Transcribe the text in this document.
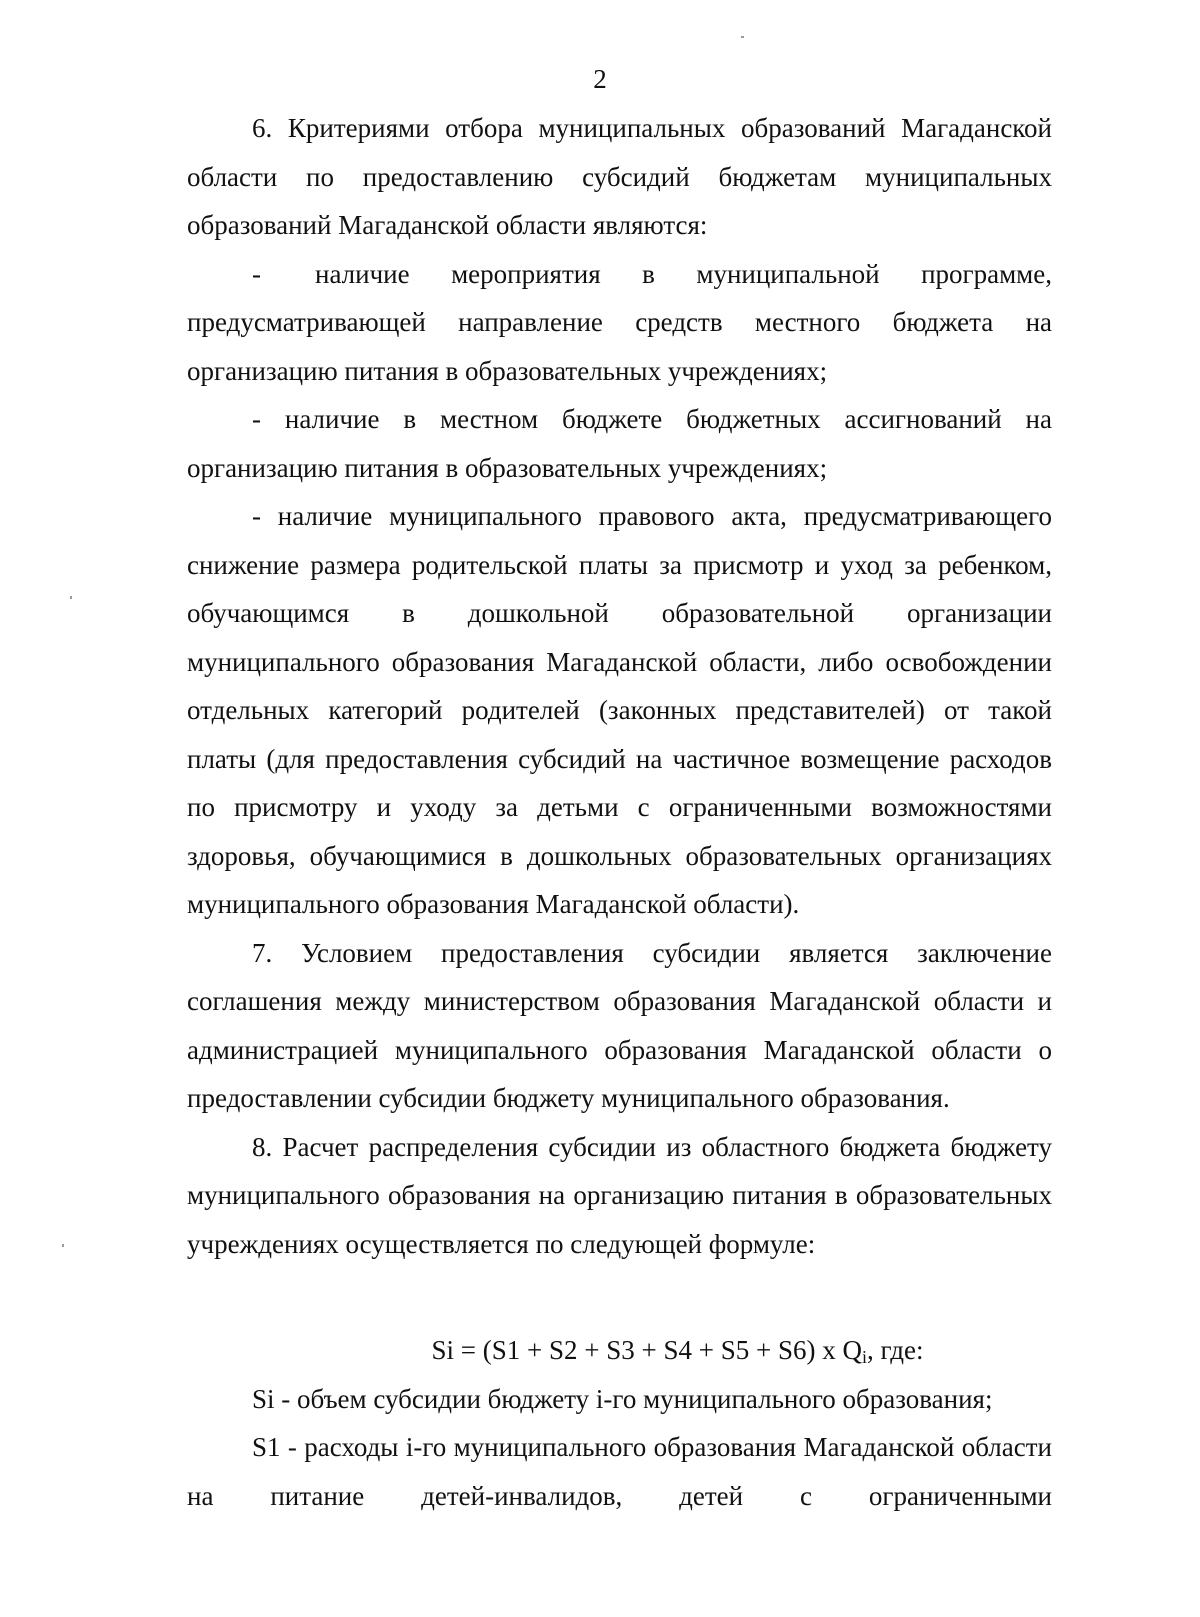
2

6. Критериями отбора муниципальных образований Магаданской области по предоставлению субсидий бюджетам муниципальных образований Магаданской области являются:

-  наличие мероприятия в муниципальной программе, предусматривающей направление средств местного бюджета на организацию питания в образовательных учреждениях;

- наличие в местном бюджете бюджетных ассигнований на организацию питания в образовательных учреждениях;

- наличие муниципального правового акта, предусматривающего снижение размера родительской платы за присмотр и уход за ребенком, обучающимся в дошкольной образовательной организации муниципального образования Магаданской области, либо освобождении отдельных категорий родителей (законных представителей) от такой платы (для предоставления субсидий на частичное возмещение расходов по присмотру и уходу за детьми с ограниченными возможностями здоровья, обучающимися в дошкольных образовательных организациях муниципального образования Магаданской области).

7. Условием предоставления субсидии является заключение соглашения между министерством образования Магаданской области и администрацией муниципального образования Магаданской области о предоставлении субсидии бюджету муниципального образования.

8. Расчет распределения субсидии из областного бюджета бюджету муниципального образования на организацию питания в образовательных учреждениях осуществляется по следующей формуле:

Si = (S1 + S2 + S3 + S4 + S5 + S6) x $Q_i$, где:

Si - объем субсидии бюджету i-го муниципального образования;

S1 - расходы i-го муниципального образования Магаданской области на питание детей-инвалидов, детей с ограниченными
